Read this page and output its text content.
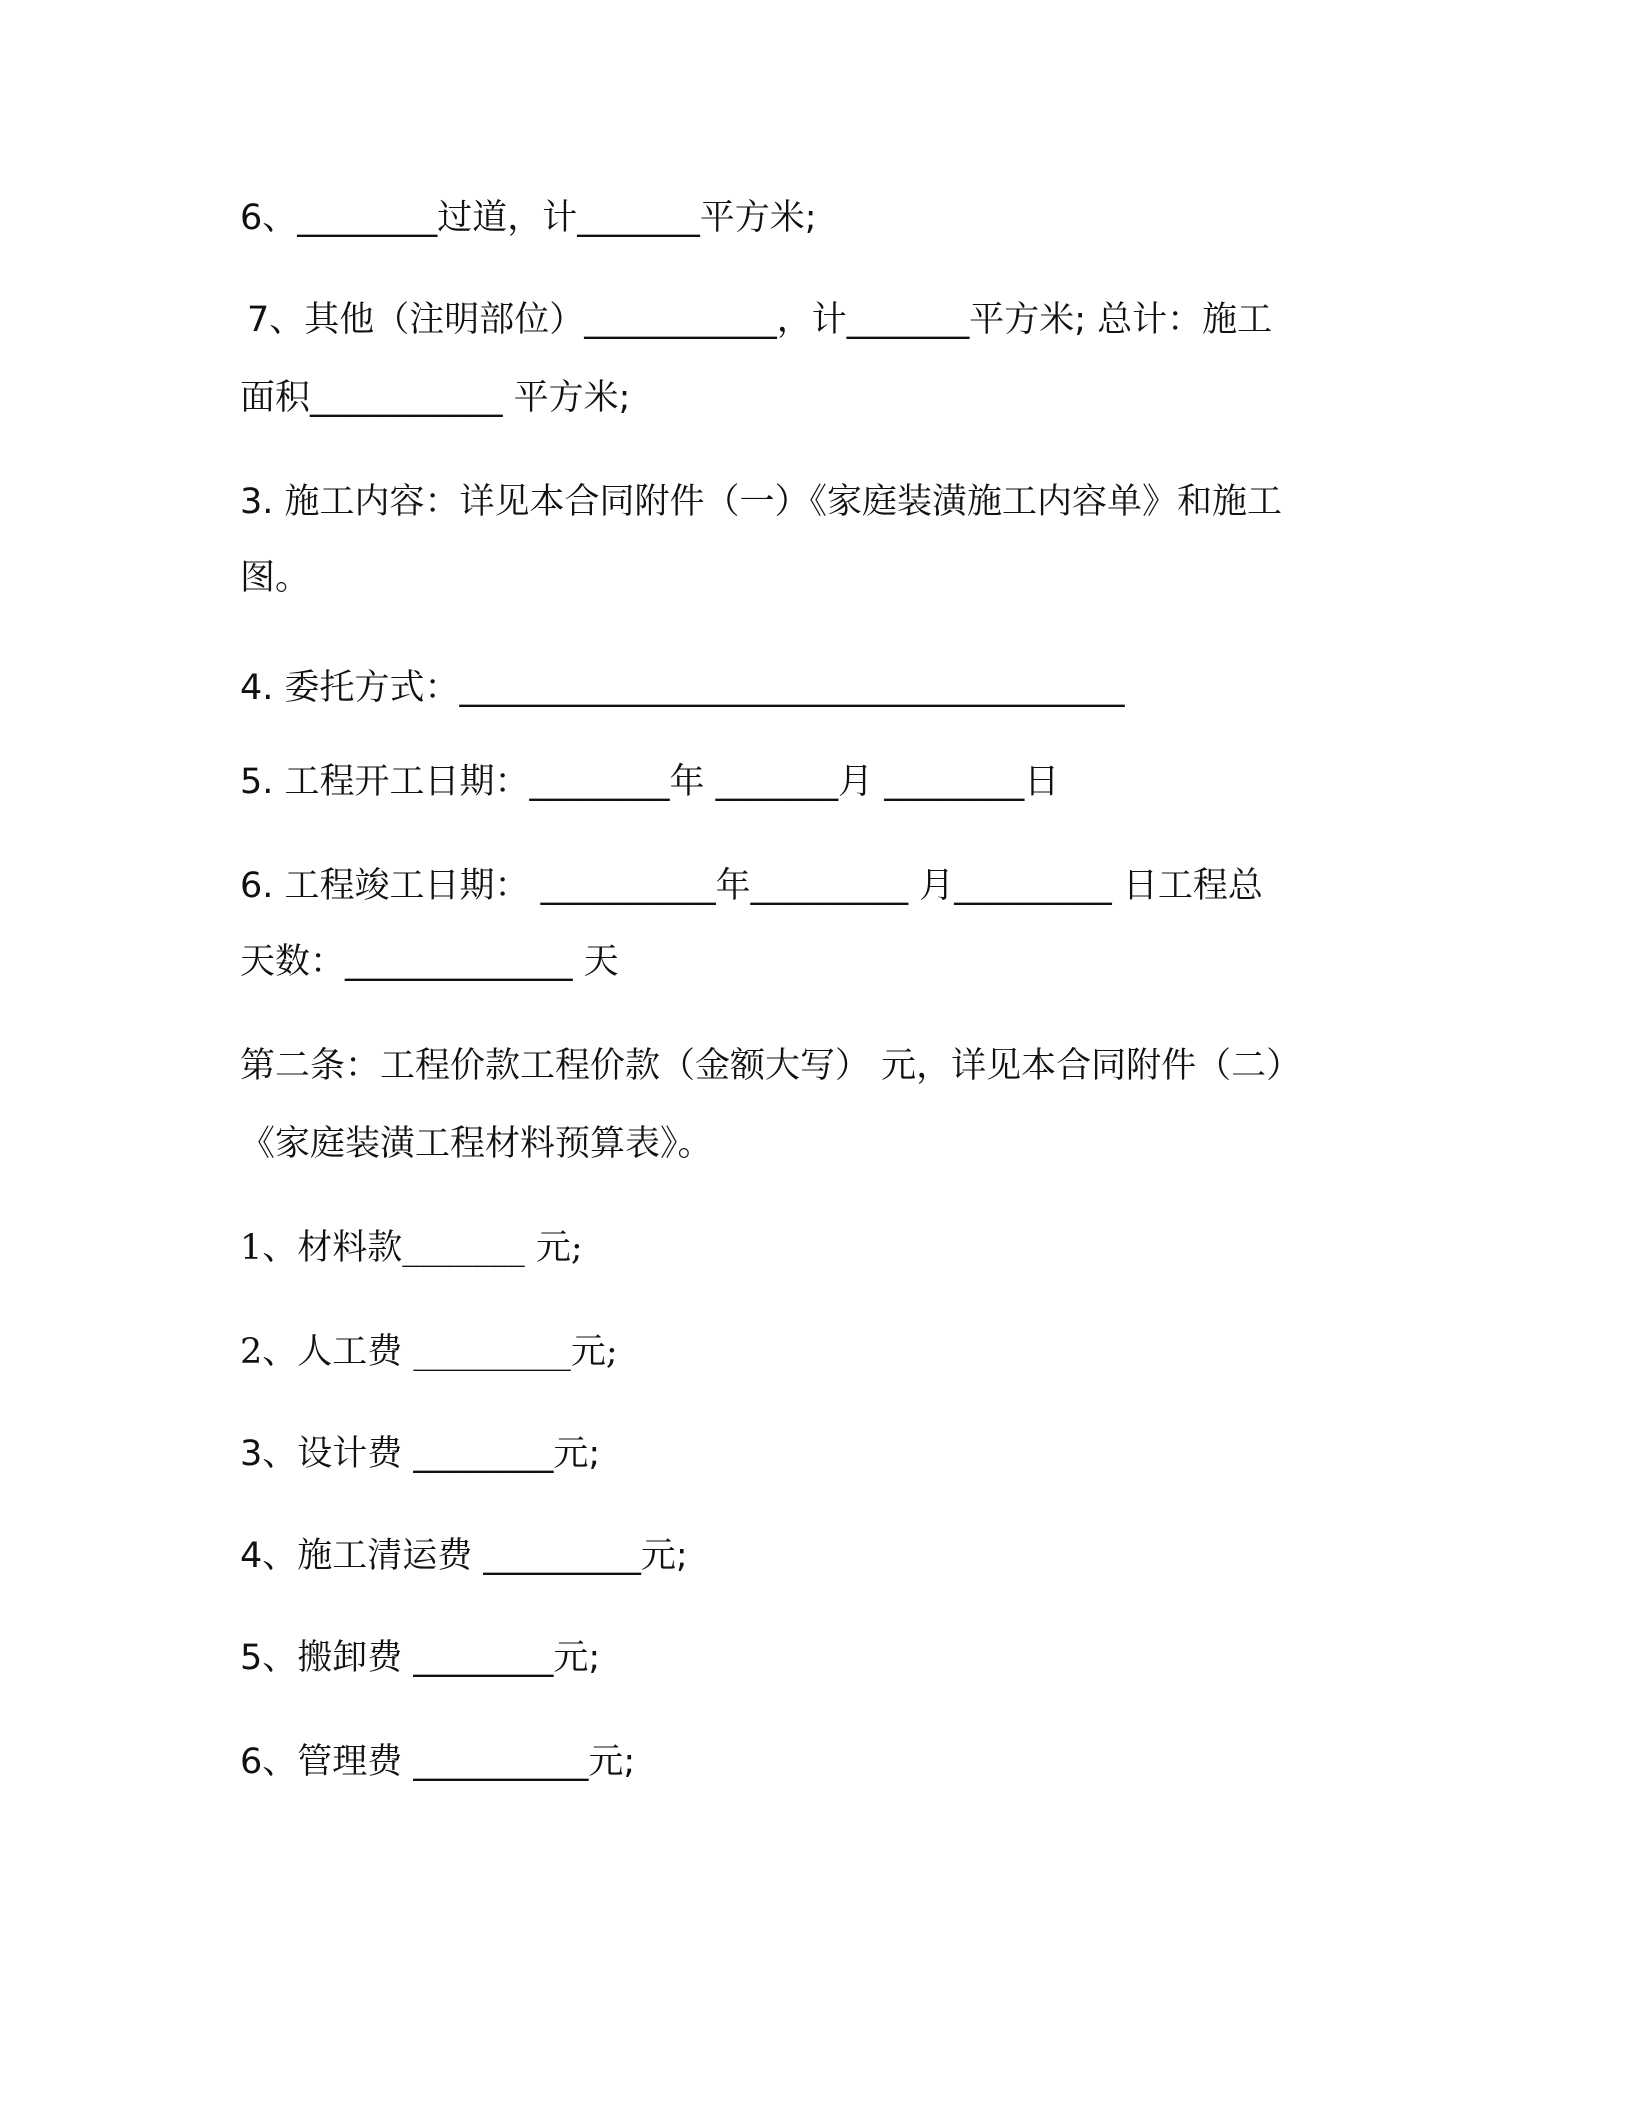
6、________过道，计_______平方米;
7、其他（注明部位）___________，计_______平方米; 总计：施工
面积___________ 平方米;
3. 施工内容：详见本合同附件（一）《家庭装潢施工内容单》和施工
图。
4. 委托方式：______________________________________
5. 工程开工日期：________年 _______月 ________日
6. 工程竣工日期： __________年_________ 月_________ 日工程总
天数：_____________ 天
第二条：工程价款工程价款（金额大写） 元，详见本合同附件（二）
《家庭装潢工程材料预算表》。
1、材料款_______ 元;
2、人工费 _________元;
3、设计费 ________元;
4、施工清运费 _________元;
5、搬卸费 ________元;
6、管理费 __________元;
